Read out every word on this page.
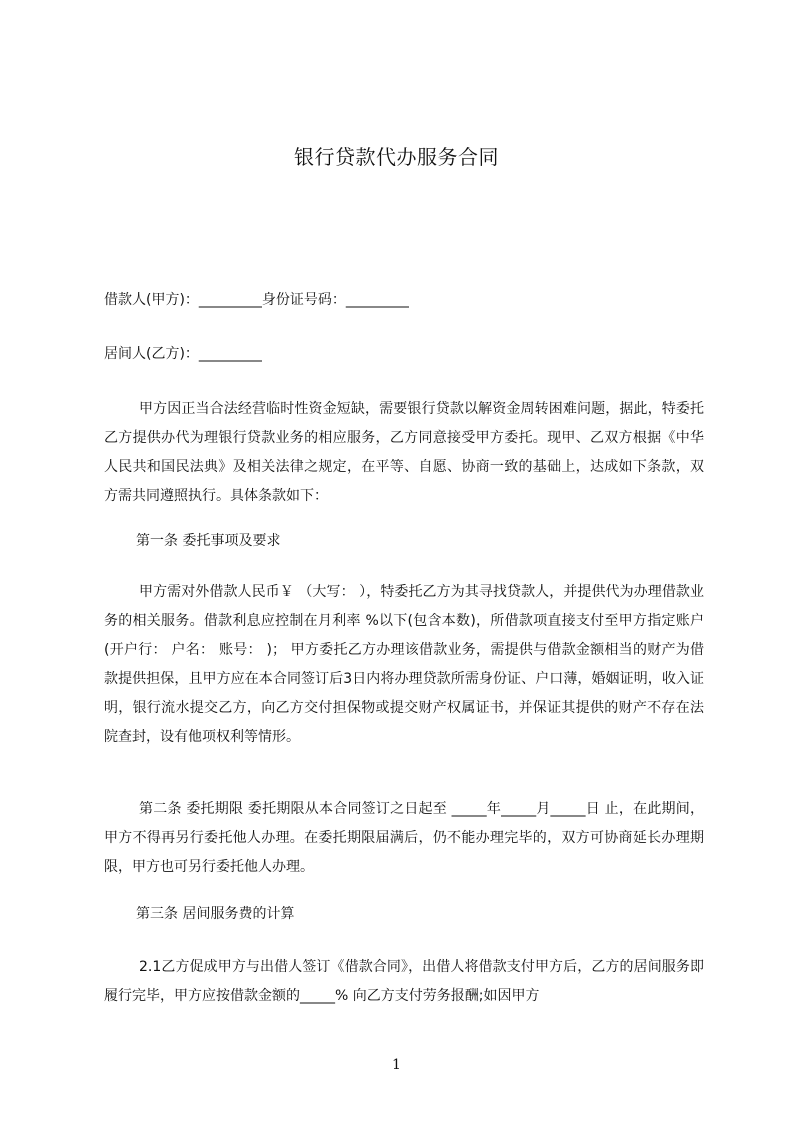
银行贷款代办服务合同
借款人(甲方)：_________身份证号码：_________
居间人(乙方)：_________

甲方因正当合法经营临时性资金短缺，需要银行贷款以解资金周转困难问题，据此，特委托乙方提供办代为理银行贷款业务的相应服务，乙方同意接受甲方委托。现甲、乙双方根据《中华人民共和国民法典》及相关法律之规定，在平等、自愿、协商一致的基础上，达成如下条款，双方需共同遵照执行。具体条款如下：

第一条 委托事项及要求

甲方需对外借款人民币￥ （大写： ），特委托乙方为其寻找贷款人，并提供代为办理借款业务的相关服务。借款利息应控制在月利率 %以下(包含本数)，所借款项直接支付至甲方指定账户(开户行： 户名： 账号： )； 甲方委托乙方办理该借款业务，需提供与借款金额相当的财产为借款提供担保，且甲方应在本合同签订后3日内将办理贷款所需身份证、户口薄，婚姻证明，收入证明，银行流水提交乙方，向乙方交付担保物或提交财产权属证书，并保证其提供的财产不存在法院查封，设有他项权利等情形。

第二条 委托期限 委托期限从本合同签订之日起至 _____年_____月_____日 止，在此期间，甲方不得再另行委托他人办理。在委托期限届满后，仍不能办理完毕的，双方可协商延长办理期限，甲方也可另行委托他人办理。

第三条 居间服务费的计算

2.1乙方促成甲方与出借人签订《借款合同》，出借人将借款支付甲方后，乙方的居间服务即履行完毕，甲方应按借款金额的_____% 向乙方支付劳务报酬;如因甲方

1
